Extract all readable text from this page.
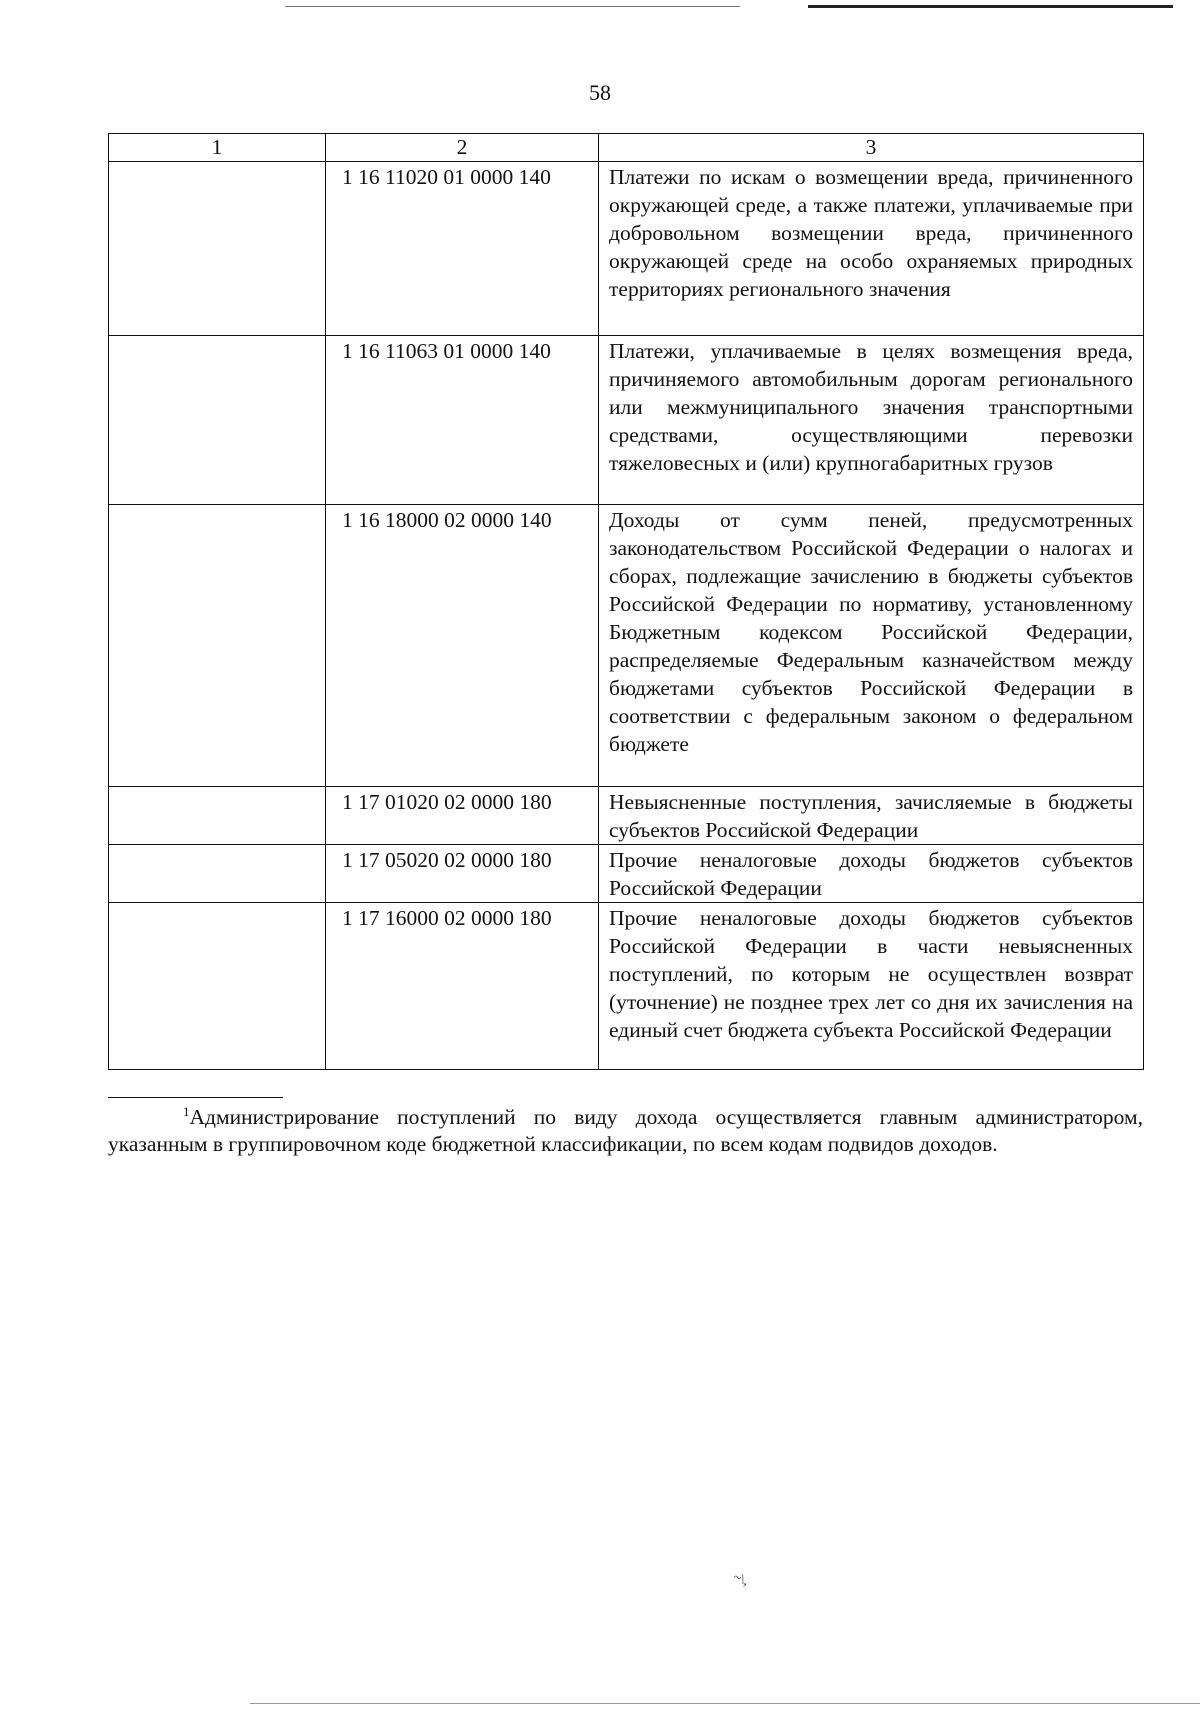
58
1	2	3
	1 16 11020 01 0000 140	Платежи по искам о возмещении вреда, причиненного окружающей среде, а также платежи, уплачиваемые при добровольном возмещении вреда, причиненного окружающей среде на особо охраняемых природных территориях регионального значения
	1 16 11063 01 0000 140	Платежи, уплачиваемые в целях возмещения вреда, причиняемого автомобильным дорогам регионального или межмуниципального значения транспортными средствами, осуществляющими перевозки тяжеловесных и (или) крупногабаритных грузов
	1 16 18000 02 0000 140	Доходы от сумм пеней, предусмотренных законодательством Российской Федерации о налогах и сборах, подлежащие зачислению в бюджеты субъектов Российской Федерации по нормативу, установленному Бюджетным кодексом Российской Федерации, распределяемые Федеральным казначейством между бюджетами субъектов Российской Федерации в соответствии с федеральным законом о федеральном бюджете
	1 17 01020 02 0000 180	Невыясненные поступления, зачисляемые в бюджеты субъектов Российской Федерации
	1 17 05020 02 0000 180	Прочие неналоговые доходы бюджетов субъектов Российской Федерации
	1 17 16000 02 0000 180	Прочие неналоговые доходы бюджетов субъектов Российской Федерации в части невыясненных поступлений, по которым не осуществлен возврат (уточнение) не позднее трех лет со дня их зачисления на единый счет бюджета субъекта Российской Федерации
$^1$Администрирование поступлений по виду дохода осуществляется главным администратором, указанным в группировочном коде бюджетной классификации, по всем кодам подвидов доходов.
~\,
